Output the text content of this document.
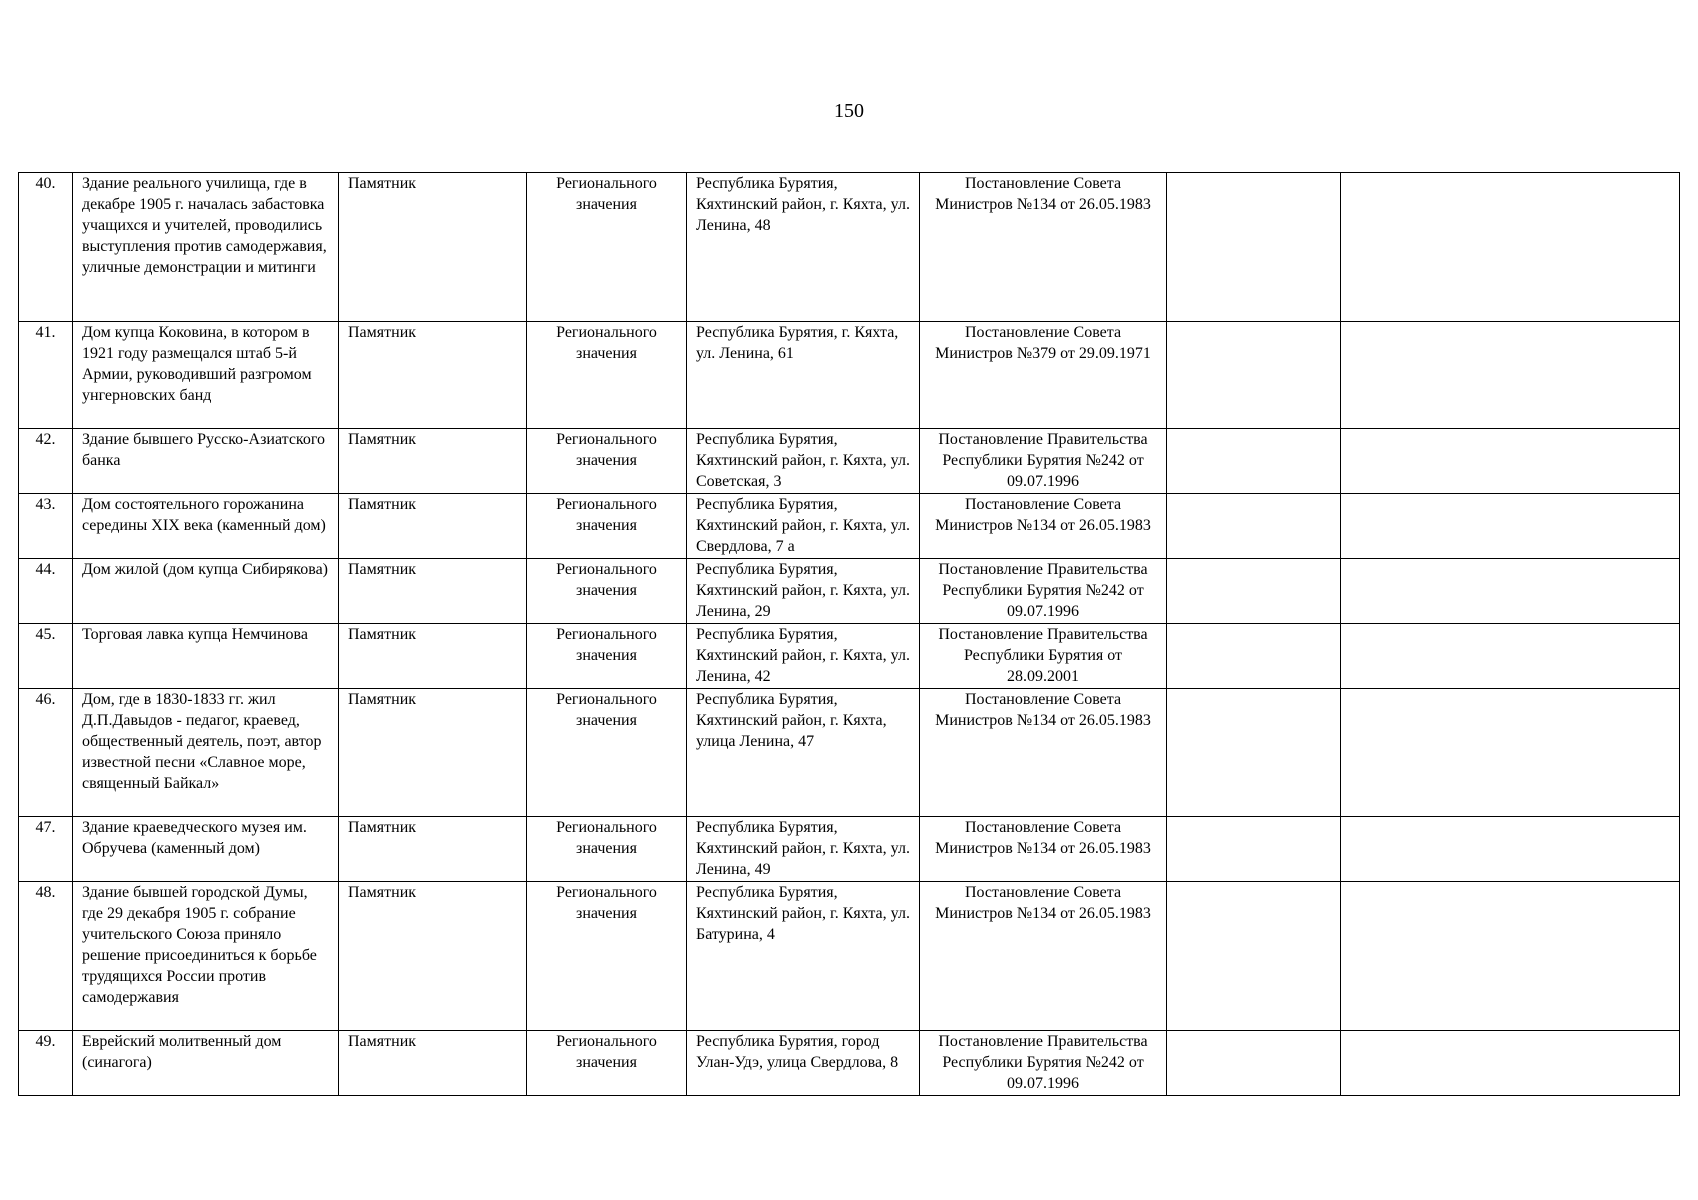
150
40.	Здание реального училища, где в декабре 1905 г. началась забастовка учащихся и учителей, проводились выступления против самодержавия, уличные демонстрации и митинги	Памятник	Регионального значения	Республика Бурятия, Кяхтинский район, г. Кяхта, ул. Ленина, 48	Постановление Совета Министров №134 от 26.05.1983		
41.	Дом купца Коковина, в котором в 1921 году размещался штаб 5-й Армии, руководивший разгромом унгерновских банд	Памятник	Регионального значения	Республика Бурятия, г. Кяхта, ул. Ленина, 61	Постановление Совета Министров №379 от 29.09.1971		
42.	Здание бывшего Русско-Азиатского банка	Памятник	Регионального значения	Республика Бурятия, Кяхтинский район, г. Кяхта, ул. Советская, 3	Постановление Правительства Республики Бурятия №242 от 09.07.1996		
43.	Дом состоятельного горожанина середины XIX века (каменный дом)	Памятник	Регионального значения	Республика Бурятия, Кяхтинский район, г. Кяхта, ул. Свердлова, 7 а	Постановление Совета Министров №134 от 26.05.1983		
44.	Дом жилой (дом купца Сибирякова)	Памятник	Регионального значения	Республика Бурятия, Кяхтинский район, г. Кяхта, ул. Ленина, 29	Постановление Правительства Республики Бурятия №242 от 09.07.1996		
45.	Торговая лавка купца Немчинова	Памятник	Регионального значения	Республика Бурятия, Кяхтинский район, г. Кяхта, ул. Ленина, 42	Постановление Правительства Республики Бурятия от 28.09.2001		
46.	Дом, где в 1830-1833 гг. жил Д.П.Давыдов - педагог, краевед, общественный деятель, поэт, автор известной песни «Славное море, священный Байкал»	Памятник	Регионального значения	Республика Бурятия, Кяхтинский район, г. Кяхта, улица Ленина, 47	Постановление Совета Министров №134 от 26.05.1983		
47.	Здание краеведческого музея им. Обручева (каменный дом)	Памятник	Регионального значения	Республика Бурятия, Кяхтинский район, г. Кяхта, ул. Ленина, 49	Постановление Совета Министров №134 от 26.05.1983		
48.	Здание бывшей городской Думы, где 29 декабря 1905 г. собрание учительского Союза приняло решение присоединиться к борьбе трудящихся России против самодержавия	Памятник	Регионального значения	Республика Бурятия, Кяхтинский район, г. Кяхта, ул. Батурина, 4	Постановление Совета Министров №134 от 26.05.1983		
49.	Еврейский молитвенный дом (синагога)	Памятник	Регионального значения	Республика Бурятия, город Улан-Удэ, улица Свердлова, 8	Постановление Правительства Республики Бурятия №242 от 09.07.1996		
